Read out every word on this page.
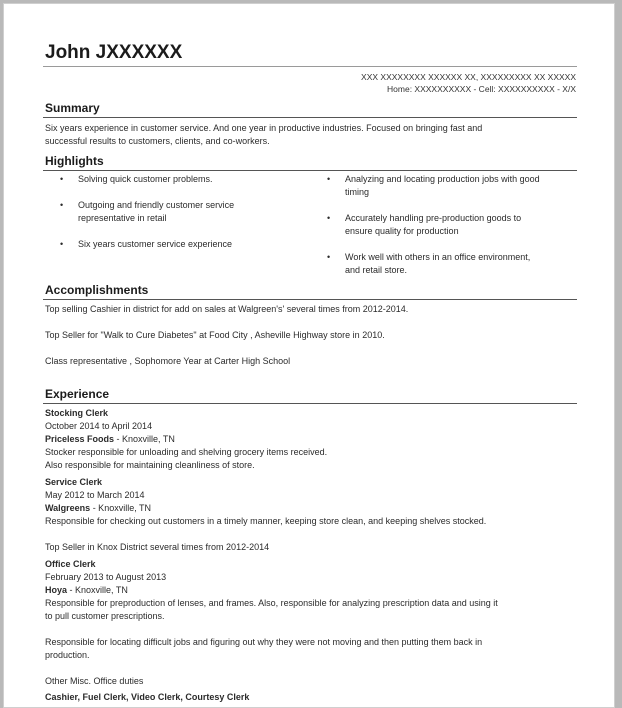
John JXXXXXX
XXX XXXXXXXX XXXXXX XX, XXXXXXXXX XX XXXXX
Home: XXXXXXXXXX - Cell: XXXXXXXXXX - X/X
Summary

Six years experience in customer service. And one year in productive industries. Focused on bringing fast and

successful results to customers, clients, and co-workers.

Highlights
• Solving quick customer problems.
• Outgoing and friendly customer service
representative in retail
• Six years customer service experience
• Analyzing and locating production jobs with good
timing
• Accurately handling pre-production goods to
ensure quality for production
• Work well with others in an office environment,
and retail store.
Accomplishments

Top selling Cashier in district for add on sales at Walgreen's' several times from 2012-2014.

Top Seller for "Walk to Cure Diabetes" at Food City , Asheville Highway store in 2010.

Class representative , Sophomore Year at Carter High School

Experience

Stocking Clerk

October 2014 to April 2014

Priceless Foods - Knoxville, TN

Stocker responsible for unloading and shelving grocery items received.

Also responsible for maintaining cleanliness of store.

Service Clerk

May 2012 to March 2014

Walgreens - Knoxville, TN

Responsible for checking out customers in a timely manner, keeping store clean, and keeping shelves stocked.

Top Seller in Knox District several times from 2012-2014

Office Clerk

February 2013 to August 2013

Hoya - Knoxville, TN

Responsible for preproduction of lenses, and frames. Also, responsible for analyzing prescription data and using it

to pull customer prescriptions.

Responsible for locating difficult jobs and figuring out why they were not moving and then putting them back in

production.

Other Misc. Office duties

Cashier, Fuel Clerk, Video Clerk, Courtesy Clerk
